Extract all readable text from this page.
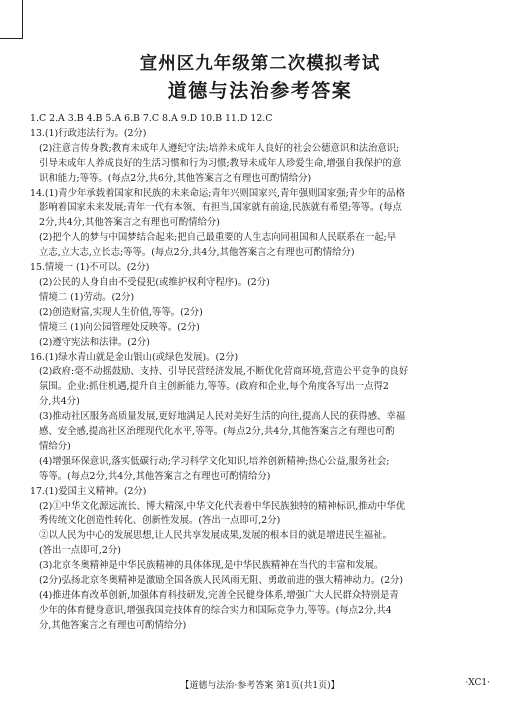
宣州区九年级第二次模拟考试
道德与法治参考答案
1.C 2.A 3.B 4.B 5.A 6.B 7.C 8.A 9.D 10.B 11.D 12.C
13.(1)行政违法行为。(2分)
(2)注意言传身教;教育未成年人遵纪守法;培养未成年人良好的社会公德意识和法治意识;
引导未成年人养成良好的生活习惯和行为习惯;教导未成年人珍爱生命,增强自我保护的意
识和能力;等等。(每点2分,共6分,其他答案言之有理也可酌情给分)
14.(1)青少年承载着国家和民族的未来命运;青年兴则国家兴,青年强则国家强;青少年的品格
影响着国家未来发展;青年一代有本领、有担当,国家就有前途,民族就有希望;等等。(每点
2分,共4分,其他答案言之有理也可酌情给分)
(2)把个人的梦与中国梦结合起来;把自己最重要的人生志向同祖国和人民联系在一起;早
立志,立大志,立长志;等等。(每点2分,共4分,其他答案言之有理也可酌情给分)
15.情境一 (1)不可以。(2分)
(2)公民的人身自由不受侵犯(或维护权利守程序)。(2分)
情境二 (1)劳动。(2分)
(2)创造财富,实现人生价值,等等。(2分)
情境三 (1)向公园管理处反映等。(2分)
(2)遵守宪法和法律。(2分)
16.(1)绿水青山就是金山银山(或绿色发展)。(2分)
(2)政府:毫不动摇鼓励、支持、引导民营经济发展,不断优化营商环境,营造公平竞争的良好
氛围。企业:抓住机遇,提升自主创新能力,等等。(政府和企业,每个角度各写出一点得2
分,共4分)
(3)推动社区服务高质量发展,更好地满足人民对美好生活的向往,提高人民的获得感、幸福
感、安全感,提高社区治理现代化水平,等等。(每点2分,共4分,其他答案言之有理也可酌
情给分)
(4)增强环保意识,落实低碳行动;学习科学文化知识,培养创新精神;热心公益,服务社会;
等等。(每点2分,共4分,其他答案言之有理也可酌情给分)
17.(1)爱国主义精神。(2分)
(2)①中华文化源远流长、博大精深,中华文化代表着中华民族独特的精神标识,推动中华优
秀传统文化创造性转化、创新性发展。(答出一点即可,2分)
②以人民为中心的发展思想,让人民共享发展成果,发展的根本目的就是增进民生福祉。
(答出一点即可,2分)
(3)北京冬奥精神是中华民族精神的具体体现,是中华民族精神在当代的丰富和发展。
(2分)弘扬北京冬奥精神是激励全国各族人民风雨无阻、勇敢前进的强大精神动力。(2分)
(4)推进体育改革创新,加强体育科技研发,完善全民健身体系,增强广大人民群众特别是青
少年的体育健身意识,增强我国竞技体育的综合实力和国际竞争力,等等。(每点2分,共4
分,其他答案言之有理也可酌情给分)
【道德与法治·参考答案 第1页(共1页)】	·XC1·
